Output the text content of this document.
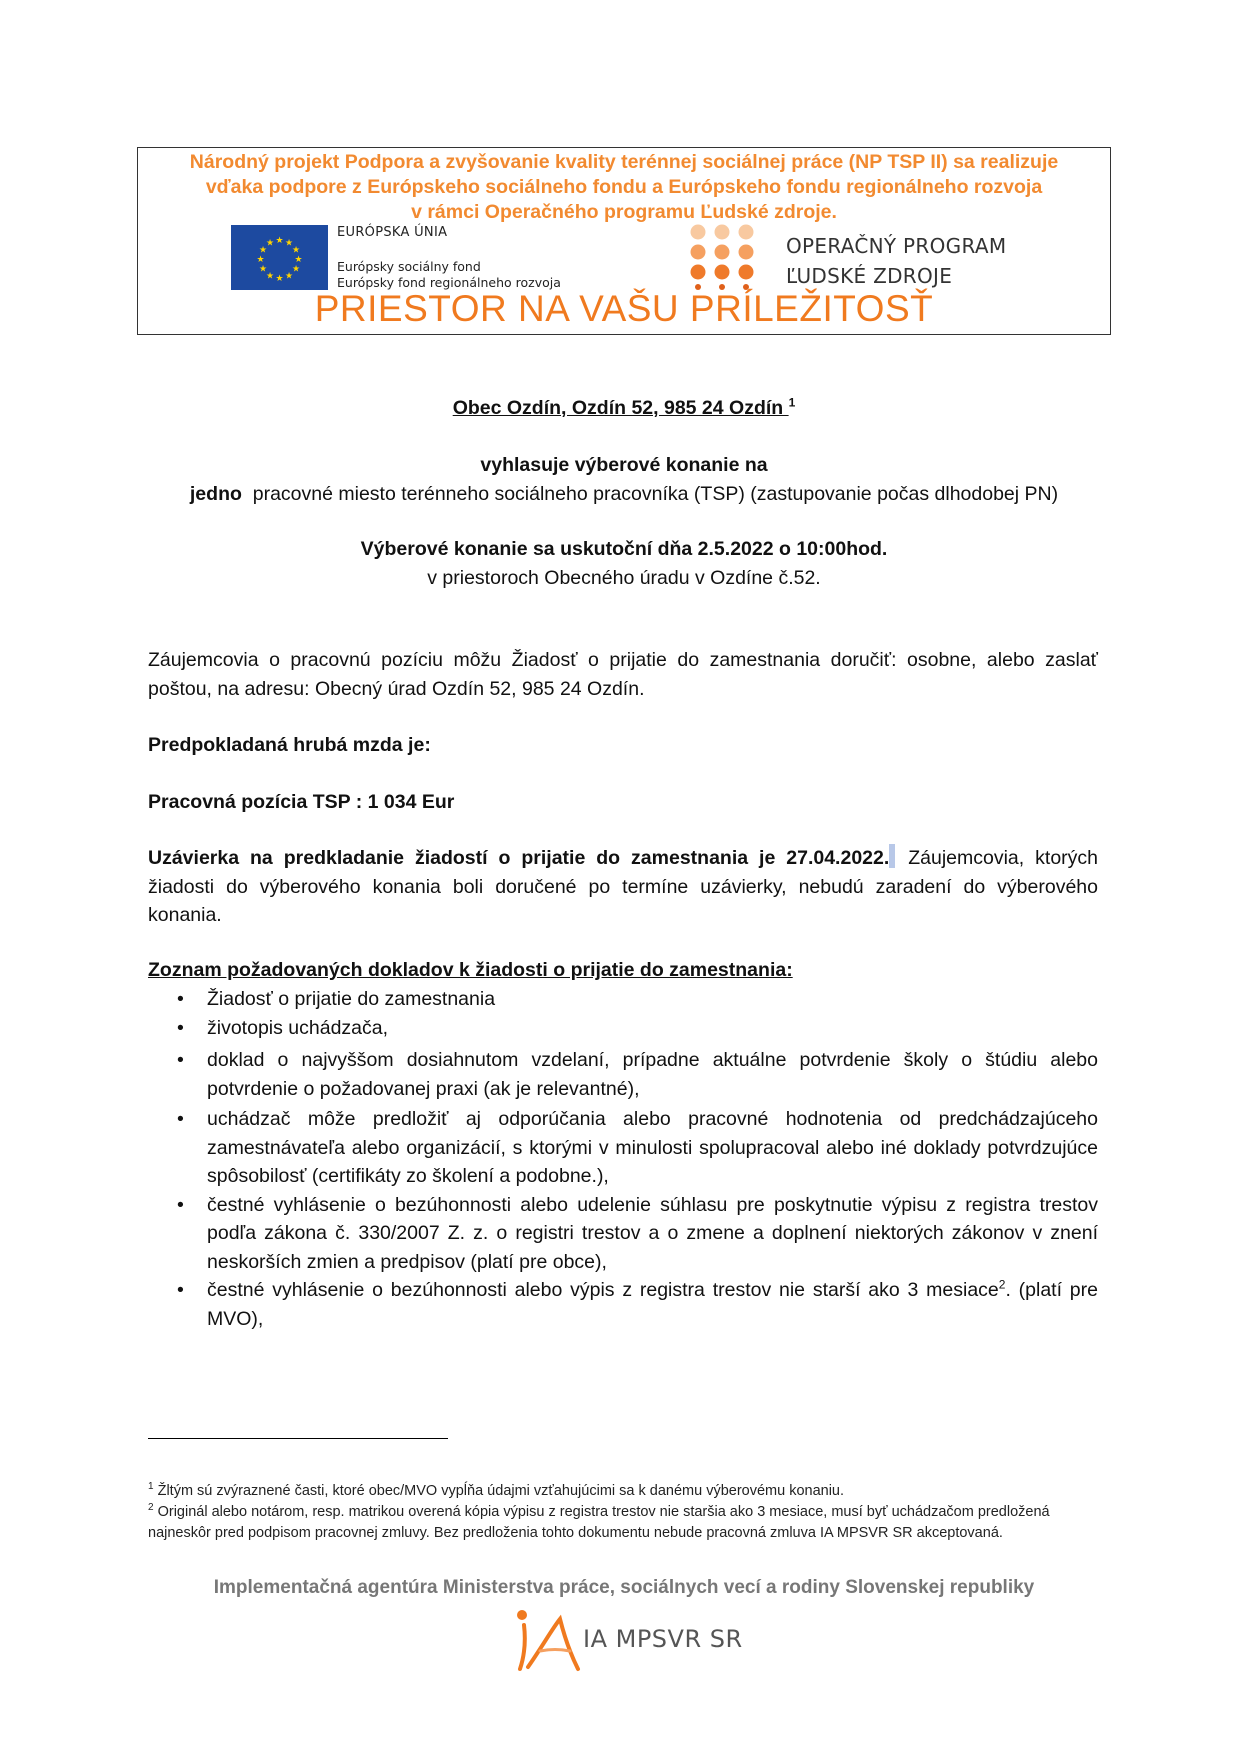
Národný projekt Podpora a zvyšovanie kvality terénnej sociálnej práce (NP TSP II) sa realizuje
vďaka podpore z Európskeho sociálneho fondu a Európskeho fondu regionálneho rozvoja
v rámci Operačného programu Ľudské zdroje.
★ ★
★
★
★
★
★
★
★
★
★
★
EURÓPSKA ÚNIA
Európsky sociálny fond
Európsky fond regionálneho rozvoja
OPERAČNÝ PROGRAM
ĽUDSKÉ ZDROJE
PRIESTOR NA VAŠU PRÍLEŽITOSŤ
Obec Ozdín, Ozdín 52, 985 24 Ozdín $^1$
vyhlasuje výberové konanie na
jedno  pracovné miesto terénneho sociálneho pracovníka (TSP) (zastupovanie počas dlhodobej PN)
Výberové konanie sa uskutoční dňa 2.5.2022 o 10:00hod.
v priestoroch Obecného úradu v Ozdíne č.52.
Záujemcovia o pracovnú pozíciu môžu Žiadosť o prijatie do zamestnania doručiť: osobne, alebo zaslať poštou, na adresu: Obecný úrad Ozdín 52, 985 24 Ozdín.
Predpokladaná hrubá mzda je:
Pracovná pozícia TSP : 1 034 Eur
Uzávierka na predkladanie žiadostí o prijatie do zamestnania je 27.04.2022. Záujemcovia, ktorých žiadosti do výberového konania boli doručené po termíne uzávierky, nebudú zaradení do výberového konania.
Zoznam požadovaných dokladov k žiadosti o prijatie do zamestnania:
• Žiadosť o prijatie do zamestnania
• životopis uchádzača,
• doklad o najvyššom dosiahnutom vzdelaní, prípadne aktuálne potvrdenie školy o štúdiu alebo potvrdenie o požadovanej praxi (ak je relevantné),
• uchádzač môže predložiť aj odporúčania alebo pracovné hodnotenia od predchádzajúceho zamestnávateľa alebo organizácií, s ktorými v minulosti spolupracoval alebo iné doklady potvrdzujúce spôsobilosť (certifikáty zo školení a podobne.),
• čestné vyhlásenie o bezúhonnosti alebo udelenie súhlasu pre poskytnutie výpisu z registra trestov podľa zákona č. 330/2007 Z. z. o registri trestov a o zmene a doplnení niektorých zákonov v znení neskorších zmien a predpisov (platí pre obce),
• čestné vyhlásenie o bezúhonnosti alebo výpis z registra trestov nie starší ako 3 mesiace$^2$. (platí pre MVO),
$^1$ Žltým sú zvýraznené časti, ktoré obec/MVO vypĺňa údajmi vzťahujúcimi sa k danému výberovému konaniu.
$^2$ Originál alebo notárom, resp. matrikou overená kópia výpisu z registra trestov nie staršia ako 3 mesiace, musí byť uchádzačom predložená najneskôr pred podpisom pracovnej zmluvy. Bez predloženia tohto dokumentu nebude pracovná zmluva IA MPSVR SR akceptovaná.
Implementačná agentúra Ministerstva práce, sociálnych vecí a rodiny Slovenskej republiky
IA MPSVR SR
